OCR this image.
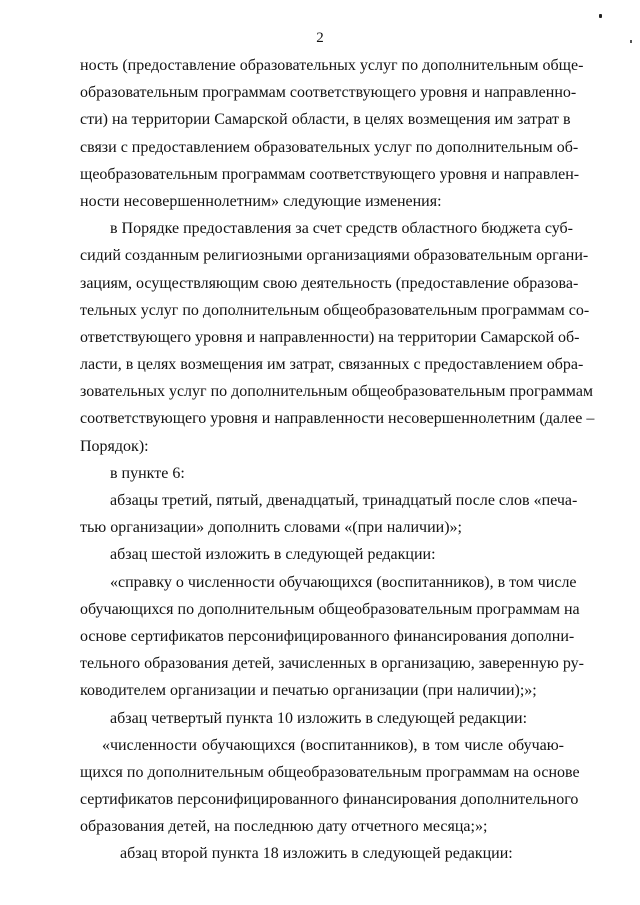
2
ность (предоставление образовательных услуг по дополнительным обще-
образовательным программам соответствующего уровня и направленно-
сти) на территории Самарской области, в целях возмещения им затрат в
связи с предоставлением образовательных услуг по дополнительным об-
щеобразовательным программам соответствующего уровня и направлен-
ности несовершеннолетним» следующие изменения:
в Порядке предоставления за счет средств областного бюджета суб-
сидий созданным религиозными организациями образовательным органи-
зациям, осуществляющим свою деятельность (предоставление образова-
тельных услуг по дополнительным общеобразовательным программам со-
ответствующего уровня и направленности) на территории Самарской об-
ласти, в целях возмещения им затрат, связанных с предоставлением обра-
зовательных услуг по дополнительным общеобразовательным программам
соответствующего уровня и направленности несовершеннолетним (далее –
Порядок):
в пункте 6:
абзацы третий, пятый, двенадцатый, тринадцатый после слов «печа-
тью организации» дополнить словами «(при наличии)»;
абзац шестой изложить в следующей редакции:
«справку о численности обучающихся (воспитанников), в том числе
обучающихся по дополнительным общеобразовательным программам на
основе сертификатов персонифицированного финансирования дополни-
тельного образования детей, зачисленных в организацию, заверенную ру-
ководителем организации и печатью организации (при наличии);»;
абзац четвертый пункта 10 изложить в следующей редакции:
«численности обучающихся (воспитанников), в том числе обучаю-
щихся по дополнительным общеобразовательным программам на основе
сертификатов персонифицированного финансирования дополнительного
образования детей, на последнюю дату отчетного месяца;»;
абзац второй пункта 18 изложить в следующей редакции:
